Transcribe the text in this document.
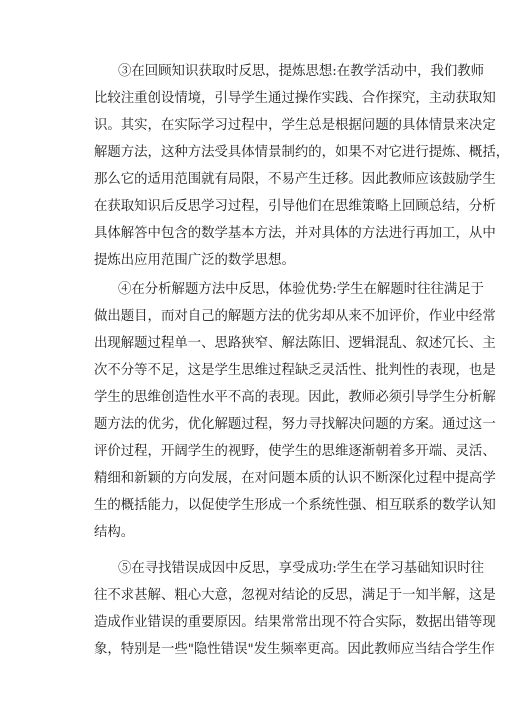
③在回顾知识获取时反思，提炼思想:在教学活动中，我们教师
比较注重创设情境，引导学生通过操作实践、合作探究，主动获取知
识。其实，在实际学习过程中，学生总是根据问题的具体情景来决定
解题方法，这种方法受具体情景制约的，如果不对它进行提炼、概括，
那么它的适用范围就有局限，不易产生迁移。因此教师应该鼓励学生
在获取知识后反思学习过程，引导他们在思维策略上回顾总结，分析
具体解答中包含的数学基本方法，并对具体的方法进行再加工，从中
提炼出应用范围广泛的数学思想。
④在分析解题方法中反思，体验优势:学生在解题时往往满足于
做出题目，而对自己的解题方法的优劣却从来不加评价，作业中经常
出现解题过程单一、思路狭窄、解法陈旧、逻辑混乱、叙述冗长、主
次不分等不足，这是学生思维过程缺乏灵活性、批判性的表现，也是
学生的思维创造性水平不高的表现。因此，教师必须引导学生分析解
题方法的优劣，优化解题过程，努力寻找解决问题的方案。通过这一
评价过程，开阔学生的视野，使学生的思维逐渐朝着多开端、灵活、
精细和新颖的方向发展，在对问题本质的认识不断深化过程中提高学
生的概括能力，以促使学生形成一个系统性强、相互联系的数学认知
结构。
⑤在寻找错误成因中反思，享受成功:学生在学习基础知识时往
往不求甚解、粗心大意，忽视对结论的反思，满足于一知半解，这是
造成作业错误的重要原因。结果常常出现不符合实际，数据出错等现
象，特别是一些"隐性错误"发生频率更高。因此教师应当结合学生作
